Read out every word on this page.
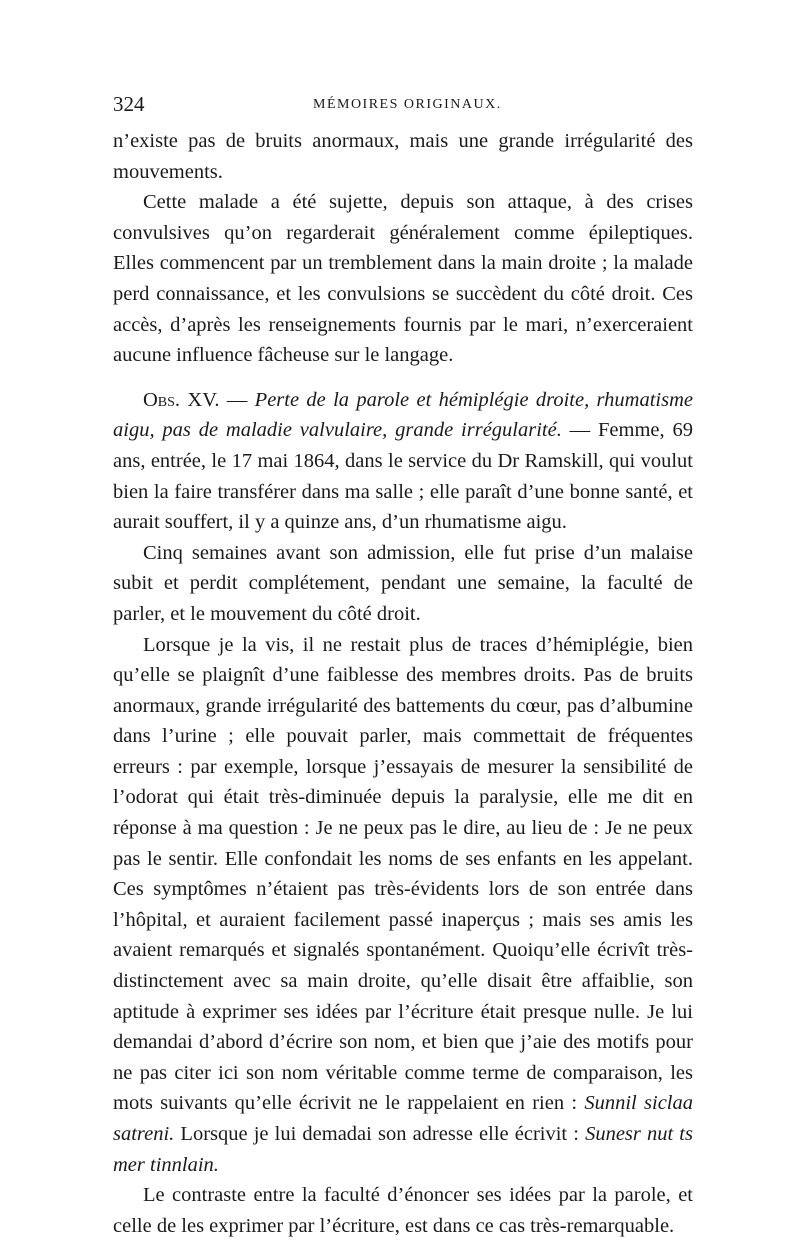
324	MÉMOIRES ORIGINAUX.

n’existe pas de bruits anormaux, mais une grande irrégularité des mouvements.

Cette malade a été sujette, depuis son attaque, à des crises convulsives qu’on regarderait généralement comme épileptiques. Elles commencent par un tremblement dans la main droite ; la malade perd connaissance, et les convulsions se succèdent du côté droit. Ces accès, d’après les renseignements fournis par le mari, n’exerceraient aucune influence fâcheuse sur le langage.

Obs. XV. — Perte de la parole et hémiplégie droite, rhumatisme aigu, pas de maladie valvulaire, grande irrégularité. — Femme, 69 ans, entrée, le 17 mai 1864, dans le service du Dr Ramskill, qui voulut bien la faire transférer dans ma salle ; elle paraît d’une bonne santé, et aurait souffert, il y a quinze ans, d’un rhumatisme aigu.

Cinq semaines avant son admission, elle fut prise d’un malaise subit et perdit complétement, pendant une semaine, la faculté de parler, et le mouvement du côté droit.

Lorsque je la vis, il ne restait plus de traces d’hémiplégie, bien qu’elle se plaignît d’une faiblesse des membres droits. Pas de bruits anormaux, grande irrégularité des battements du cœur, pas d’albumine dans l’urine ; elle pouvait parler, mais commettait de fréquentes erreurs : par exemple, lorsque j’essayais de mesurer la sensibilité de l’odorat qui était très-diminuée depuis la paralysie, elle me dit en réponse à ma question : Je ne peux pas le dire, au lieu de : Je ne peux pas le sentir. Elle confondait les noms de ses enfants en les appelant. Ces symptômes n’étaient pas très-évidents lors de son entrée dans l’hôpital, et auraient facilement passé inaperçus ; mais ses amis les avaient remarqués et signalés spontanément. Quoiqu’elle écrivît très-distinctement avec sa main droite, qu’elle disait être affaiblie, son aptitude à exprimer ses idées par l’écriture était presque nulle. Je lui demandai d’abord d’écrire son nom, et bien que j’aie des motifs pour ne pas citer ici son nom véritable comme terme de comparaison, les mots suivants qu’elle écrivit ne le rappelaient en rien : Sunnil siclaa satreni. Lorsque je lui demadai son adresse elle écrivit : Sunesr nut ts mer tinnlain.

Le contraste entre la faculté d’énoncer ses idées par la parole, et celle de les exprimer par l’écriture, est dans ce cas très-remarquable.
